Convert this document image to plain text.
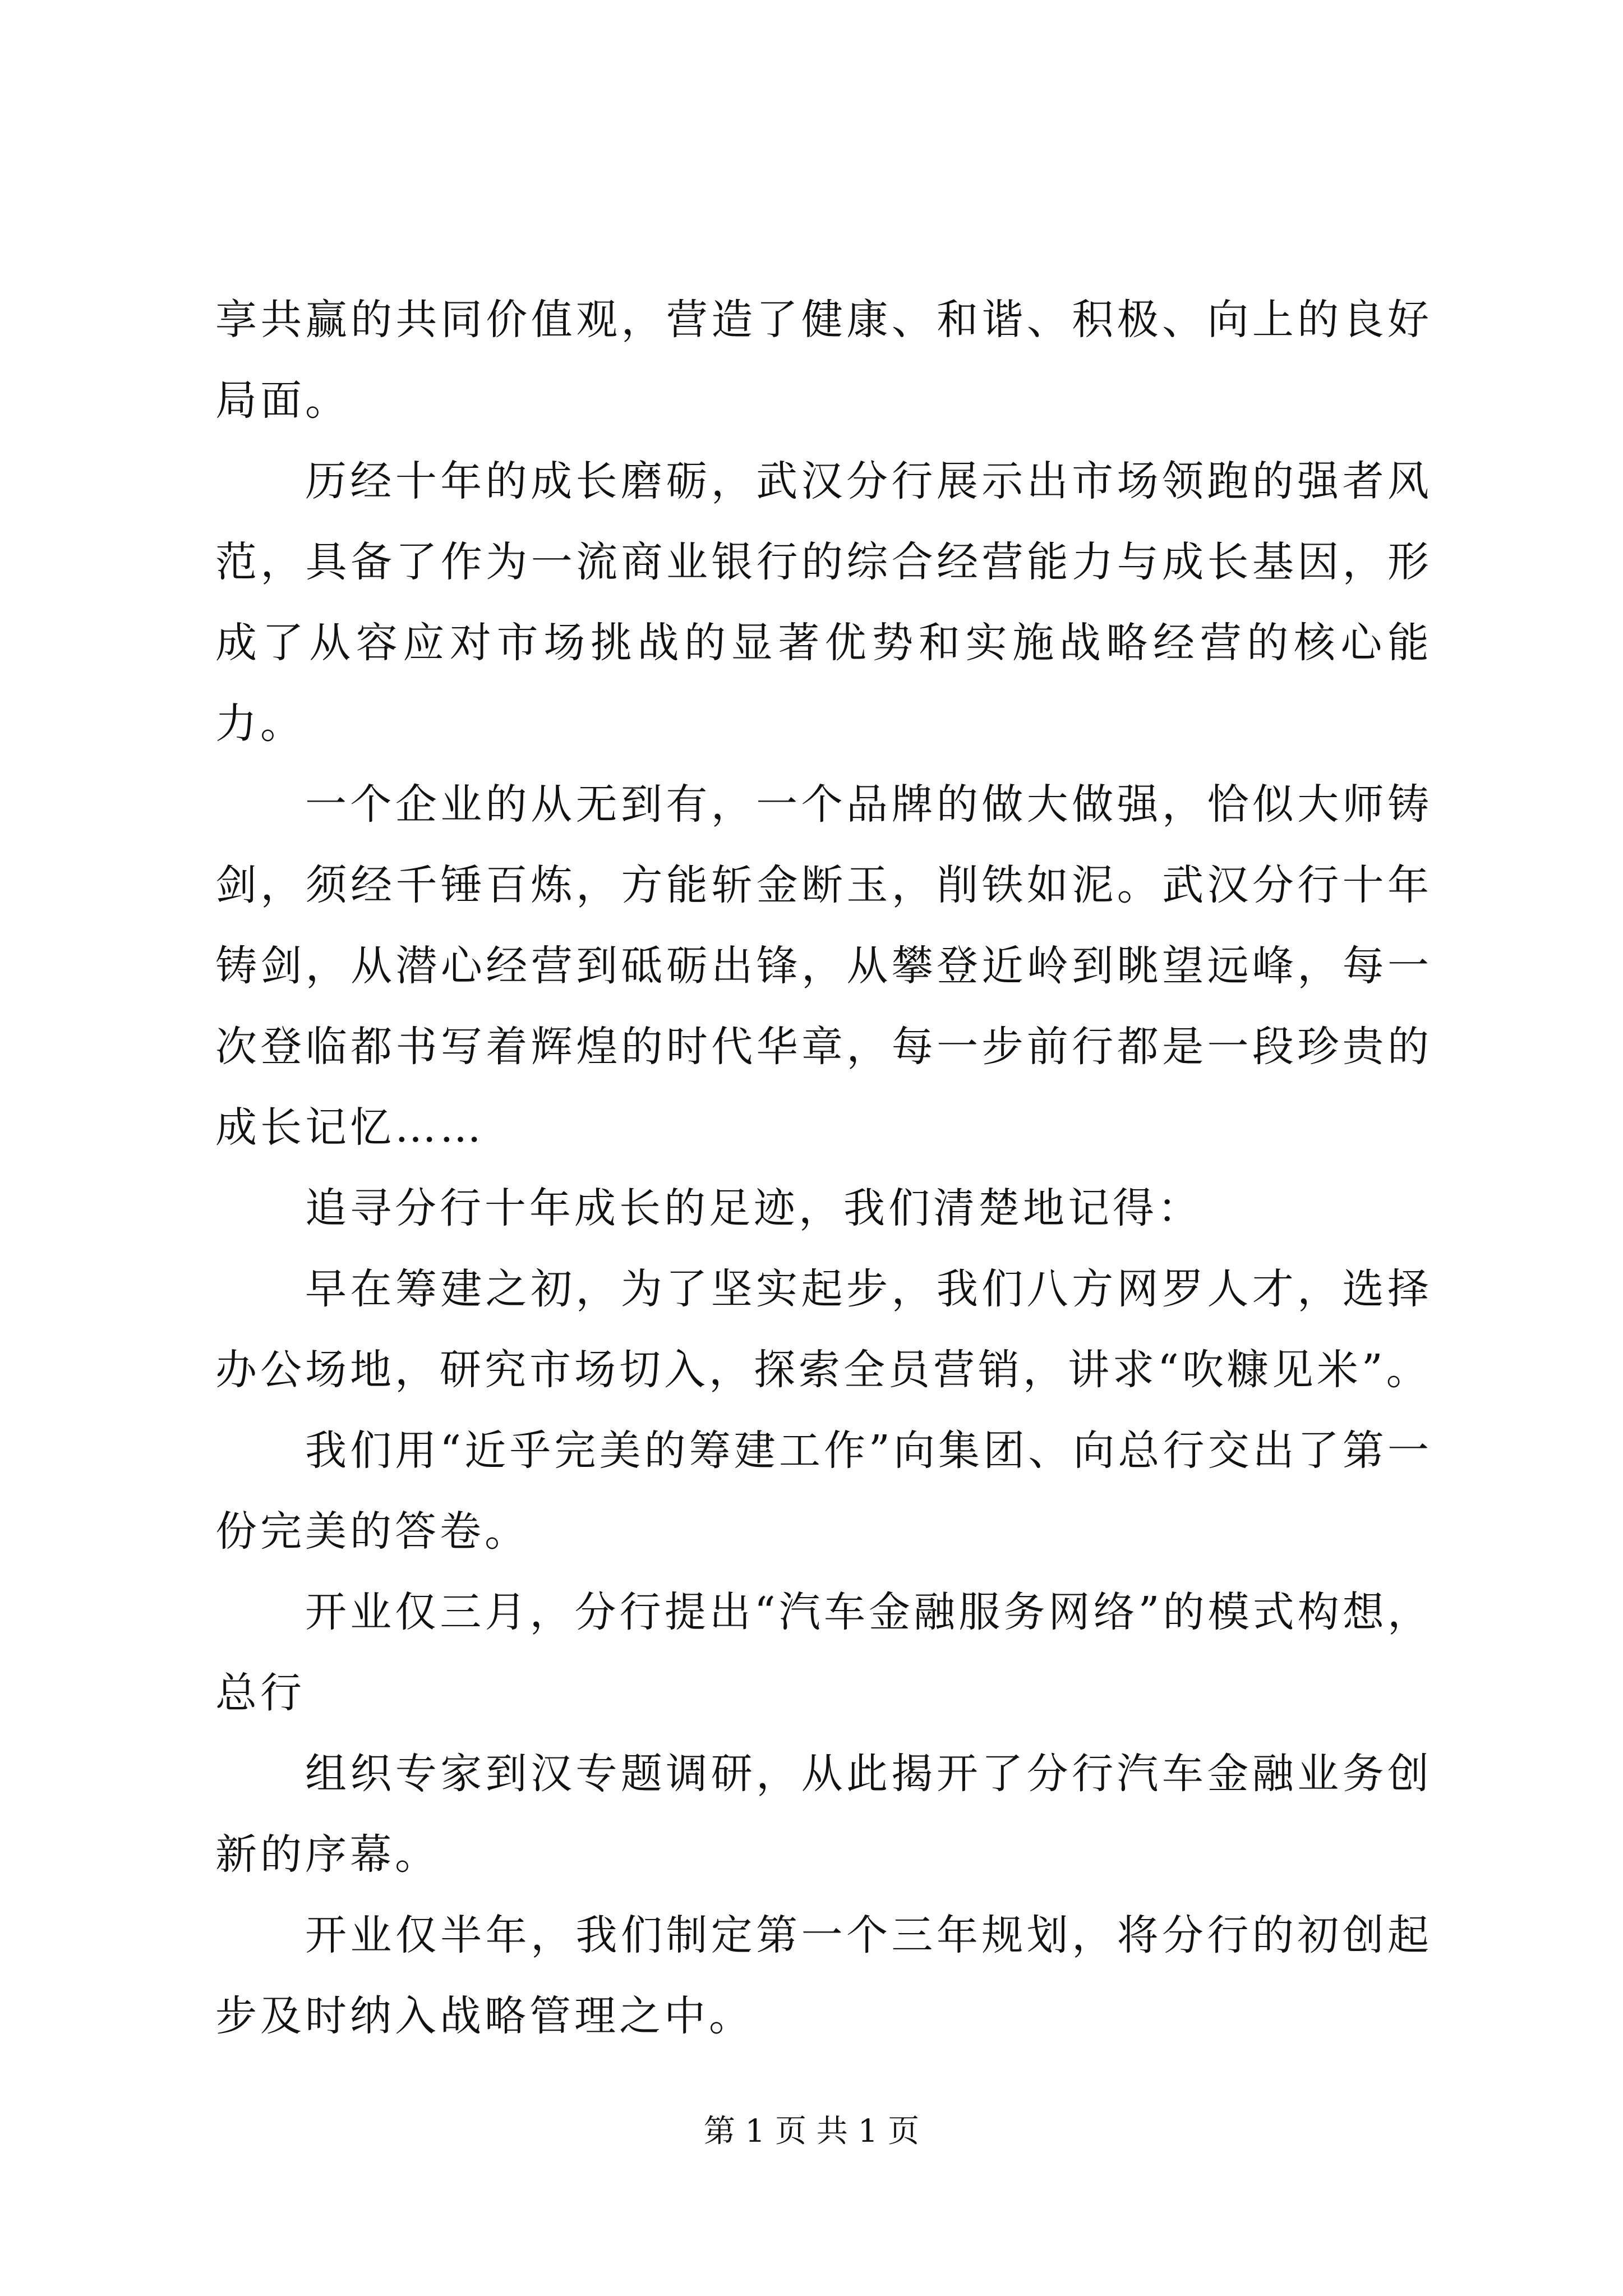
享共赢的共同价值观，营造了健康、和谐、积极、向上的良好局面。

历经十年的成长磨砺，武汉分行展示出市场领跑的强者风范，具备了作为一流商业银行的综合经营能力与成长基因，形成了从容应对市场挑战的显著优势和实施战略经营的核心能力。

一个企业的从无到有，一个品牌的做大做强，恰似大师铸剑，须经千锤百炼，方能斩金断玉，削铁如泥。武汉分行十年铸剑，从潜心经营到砥砺出锋，从攀登近岭到眺望远峰，每一次登临都书写着辉煌的时代华章，每一步前行都是一段珍贵的成长记忆……

追寻分行十年成长的足迹，我们清楚地记得：

早在筹建之初，为了坚实起步，我们八方网罗人才，选择办公场地，研究市场切入，探索全员营销，讲求“吹糠见米”。

我们用“近乎完美的筹建工作”向集团、向总行交出了第一份完美的答卷。

开业仅三月，分行提出“汽车金融服务网络”的模式构想，总行

组织专家到汉专题调研，从此揭开了分行汽车金融业务创新的序幕。

开业仅半年，我们制定第一个三年规划，将分行的初创起步及时纳入战略管理之中。

第 1 页 共 1 页
